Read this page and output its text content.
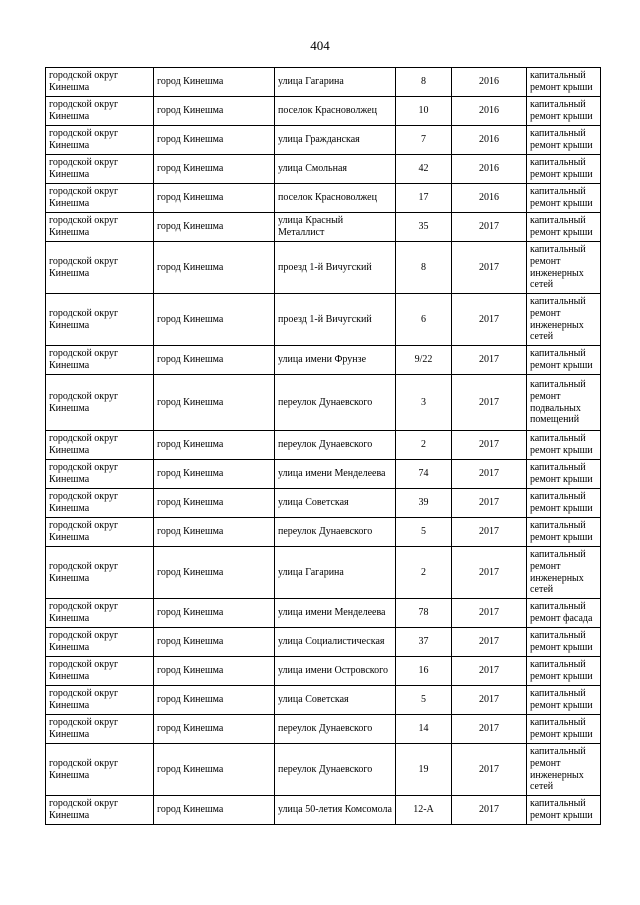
404
городской округ Кинешма	город Кинешма	улица Гагарина	8	2016	капитальный ремонт крыши
городской округ Кинешма	город Кинешма	поселок Красноволжец	10	2016	капитальный ремонт крыши
городской округ Кинешма	город Кинешма	улица Гражданская	7	2016	капитальный ремонт крыши
городской округ Кинешма	город Кинешма	улица Смольная	42	2016	капитальный ремонт крыши
городской округ Кинешма	город Кинешма	поселок Красноволжец	17	2016	капитальный ремонт крыши
городской округ Кинешма	город Кинешма	улица Красный Металлист	35	2017	капитальный ремонт крыши
городской округ Кинешма	город Кинешма	проезд 1-й Вичугский	8	2017	капитальный ремонт инженерных сетей
городской округ Кинешма	город Кинешма	проезд 1-й Вичугский	6	2017	капитальный ремонт инженерных сетей
городской округ Кинешма	город Кинешма	улица имени Фрунзе	9/22	2017	капитальный ремонт крыши
городской округ Кинешма	город Кинешма	переулок Дунаевского	3	2017	капитальный ремонт подвальных помещений
городской округ Кинешма	город Кинешма	переулок Дунаевского	2	2017	капитальный ремонт крыши
городской округ Кинешма	город Кинешма	улица имени Менделеева	74	2017	капитальный ремонт крыши
городской округ Кинешма	город Кинешма	улица Советская	39	2017	капитальный ремонт крыши
городской округ Кинешма	город Кинешма	переулок Дунаевского	5	2017	капитальный ремонт крыши
городской округ Кинешма	город Кинешма	улица Гагарина	2	2017	капитальный ремонт инженерных сетей
городской округ Кинешма	город Кинешма	улица имени Менделеева	78	2017	капитальный ремонт фасада
городской округ Кинешма	город Кинешма	улица Социалистическая	37	2017	капитальный ремонт крыши
городской округ Кинешма	город Кинешма	улица имени Островского	16	2017	капитальный ремонт крыши
городской округ Кинешма	город Кинешма	улица Советская	5	2017	капитальный ремонт крыши
городской округ Кинешма	город Кинешма	переулок Дунаевского	14	2017	капитальный ремонт крыши
городской округ Кинешма	город Кинешма	переулок Дунаевского	19	2017	капитальный ремонт инженерных сетей
городской округ Кинешма	город Кинешма	улица 50-летия Комсомола	12-А	2017	капитальный ремонт крыши
